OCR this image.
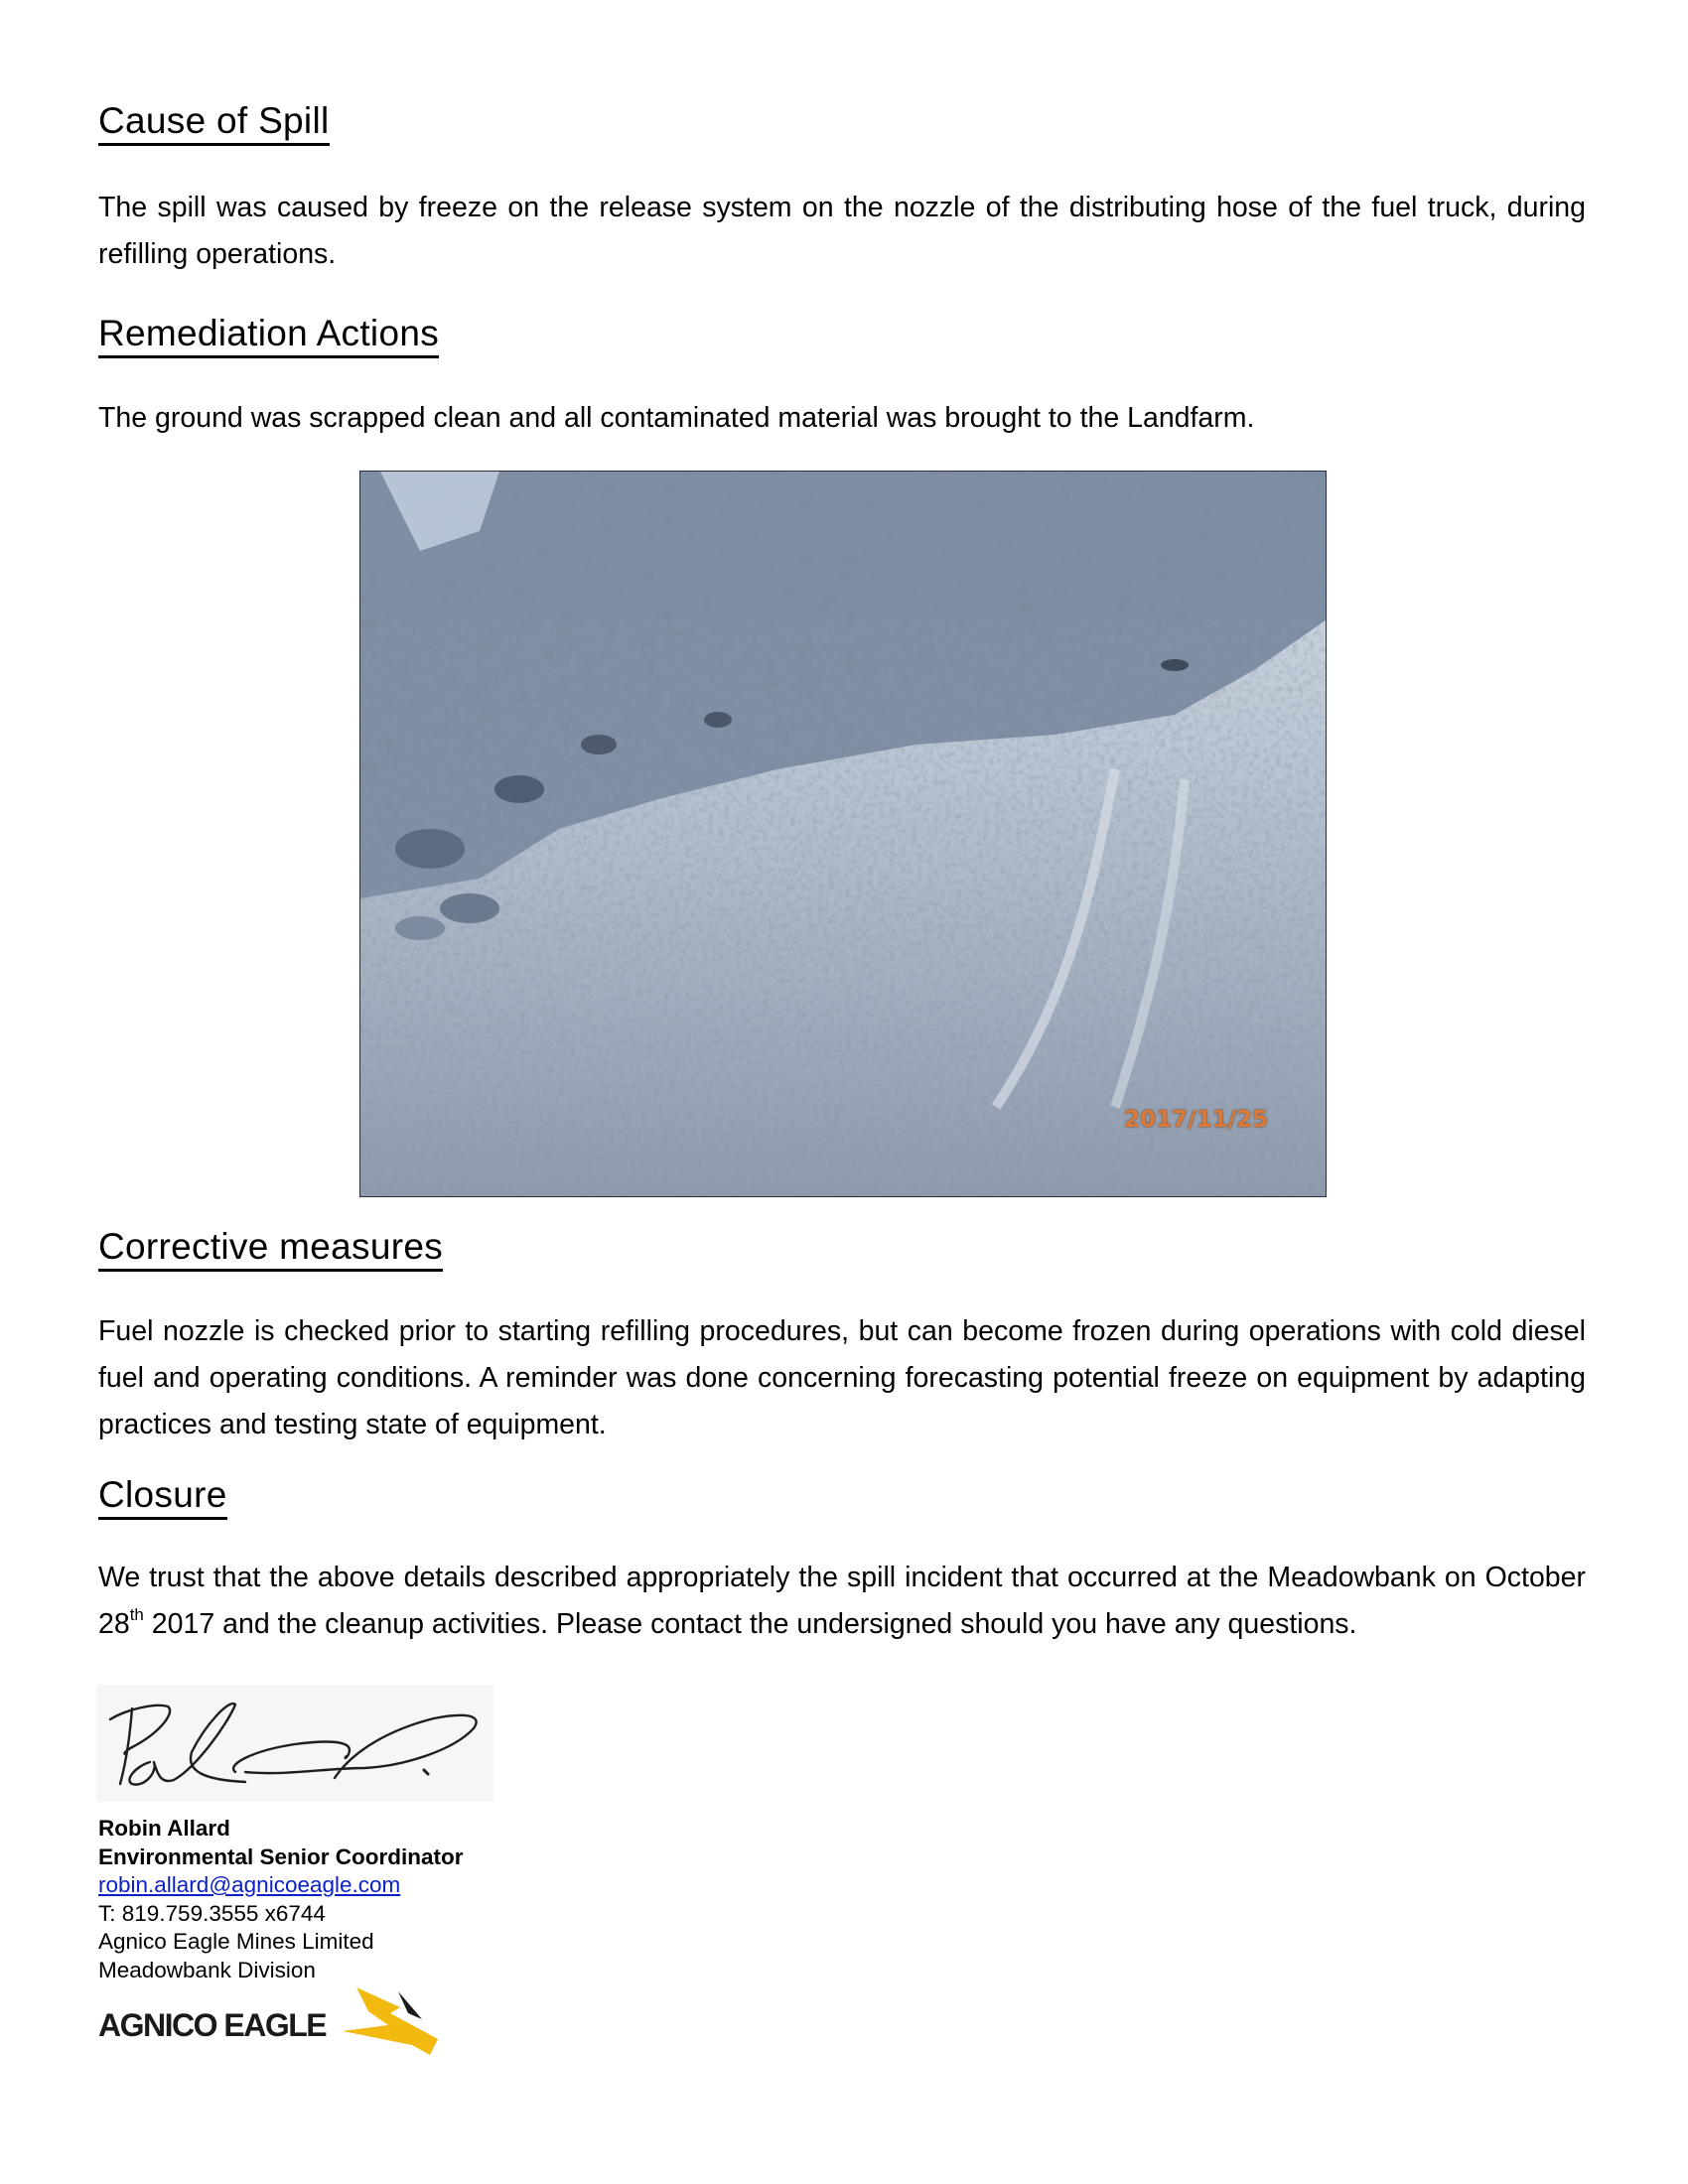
Cause of Spill

The spill was caused by freeze on the release system on the nozzle of the distributing hose of the fuel truck, during refilling operations.

Remediation Actions

The ground was scrapped clean and all contaminated material was brought to the Landfarm.

2017/11/25
Corrective measures

Fuel nozzle is checked prior to starting refilling procedures, but can become frozen during operations with cold diesel fuel and operating conditions. A reminder was done concerning forecasting potential freeze on equipment by adapting practices and testing state of equipment.

Closure

We trust that the above details described appropriately the spill incident that occurred at the Meadowbank on October 28th 2017 and the cleanup activities. Please contact the undersigned should you have any questions.

Robin Allard
Environmental Senior Coordinator
robin.allard@agnicoeagle.com
T: 819.759.3555 x6744
Agnico Eagle Mines Limited
Meadowbank Division
AGNICO EAGLE
